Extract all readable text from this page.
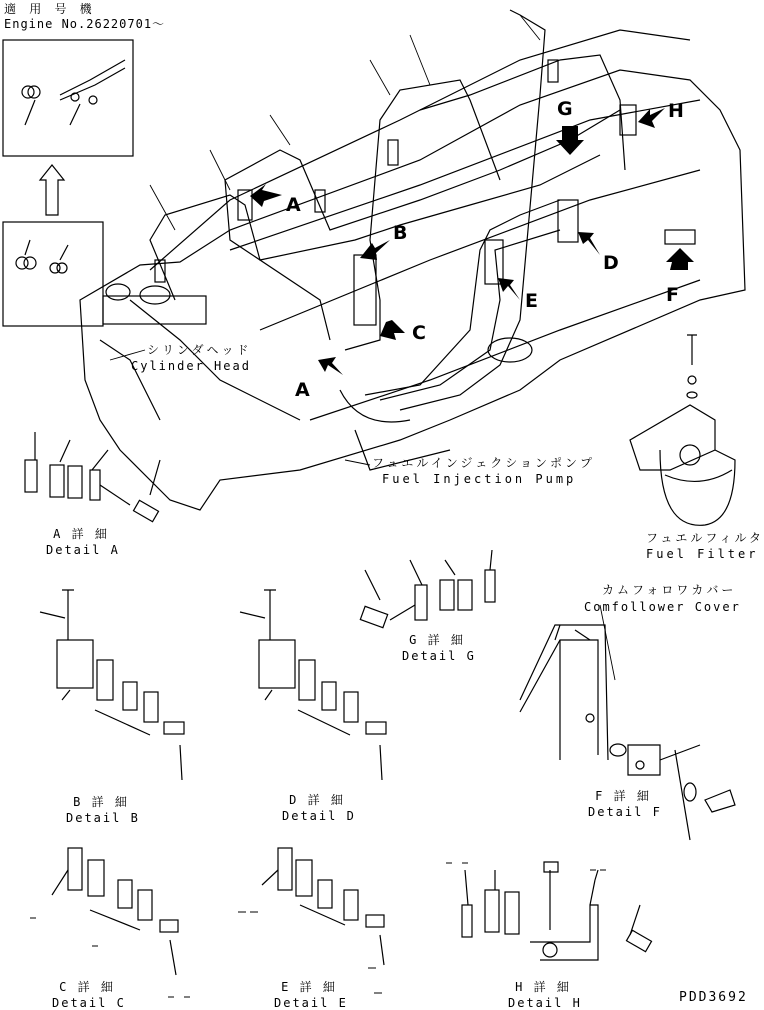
適 用 号 機
Engine No.26220701～
A
B
C
D
E	F
G	H
A
シリンダヘッド
Cylinder Head
フュエルインジェクションポンプ
Fuel Injection Pump
フュエルフィルタ
Fuel Filter
カムフォロワカバー
Comfollower Cover
A 詳 細
Detail A
B 詳 細
Detail B
C 詳 細
Detail C
D 詳 細
Detail D
E 詳 細
Detail E
F 詳 細
Detail F
G 詳 細
Detail G
H 詳 細
Detail H	PDD3692
